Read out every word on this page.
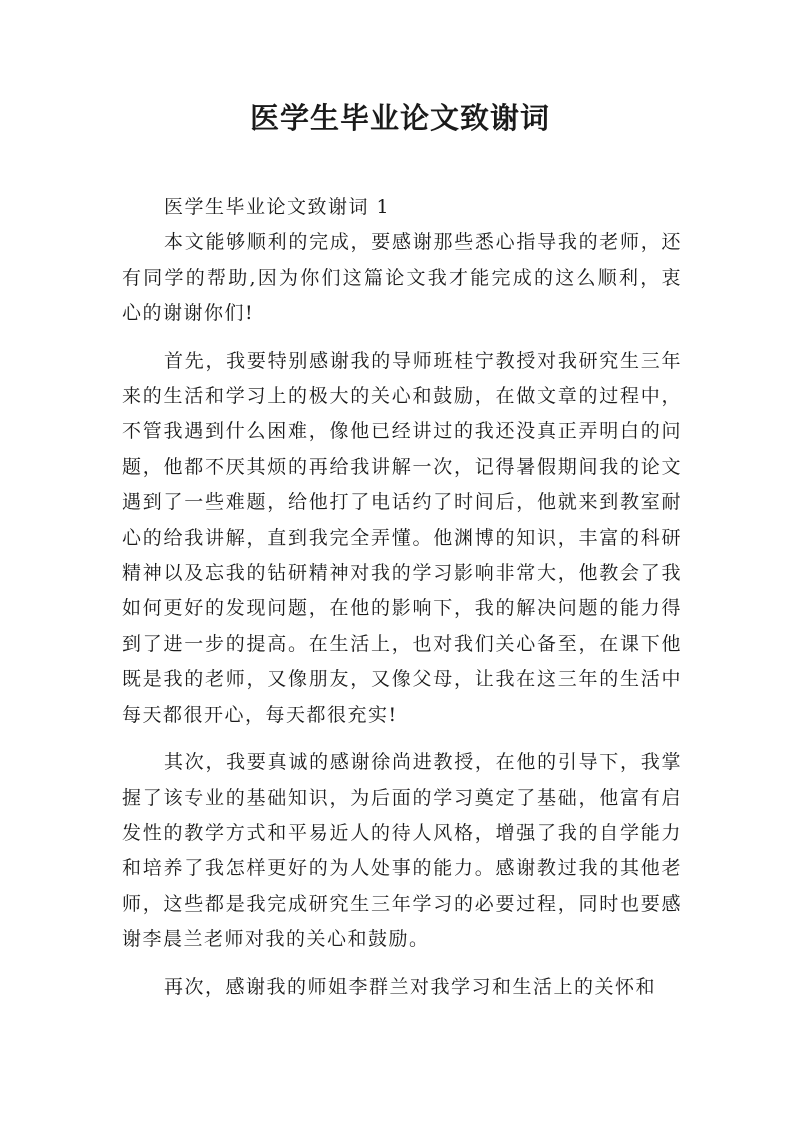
医学生毕业论文致谢词

医学生毕业论文致谢词 1

本文能够顺利的完成，要感谢那些悉心指导我的老师，还有同学的帮助,因为你们这篇论文我才能完成的这么顺利，衷心的谢谢你们!

首先，我要特别感谢我的导师班桂宁教授对我研究生三年来的生活和学习上的极大的关心和鼓励，在做文章的过程中，不管我遇到什么困难，像他已经讲过的我还没真正弄明白的问题，他都不厌其烦的再给我讲解一次，记得暑假期间我的论文遇到了一些难题，给他打了电话约了时间后，他就来到教室耐心的给我讲解，直到我完全弄懂。他渊博的知识，丰富的科研精神以及忘我的钻研精神对我的学习影响非常大，他教会了我如何更好的发现问题，在他的影响下，我的解决问题的能力得到了进一步的提高。在生活上，也对我们关心备至，在课下他既是我的老师，又像朋友，又像父母，让我在这三年的生活中每天都很开心，每天都很充实!

其次，我要真诚的感谢徐尚进教授，在他的引导下，我掌握了该专业的基础知识，为后面的学习奠定了基础，他富有启发性的教学方式和平易近人的待人风格，增强了我的自学能力和培养了我怎样更好的为人处事的能力。感谢教过我的其他老师，这些都是我完成研究生三年学习的必要过程，同时也要感谢李晨兰老师对我的关心和鼓励。

再次，感谢我的师姐李群兰对我学习和生活上的关怀和
